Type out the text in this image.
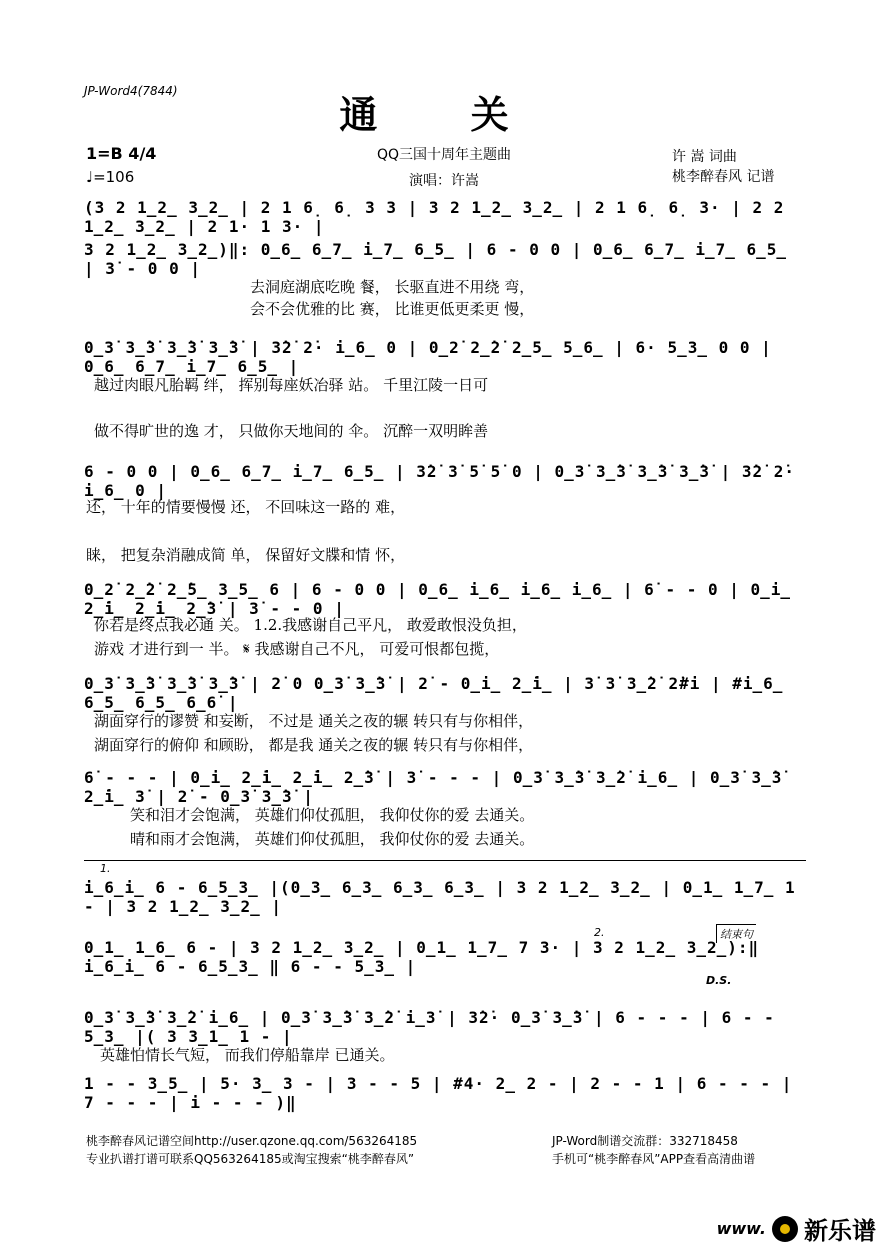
JP-Word4(7844)
通 关
QQ三国十周年主题曲
演唱：许嵩
1=B 4/4
♩=106
许 嵩 词曲
桃李醉春风 记谱
(3 2 1̲2̲ 3̲2̲ | 2 1 6̣ 6̣ 3 3 | 3 2 1̲2̲ 3̲2̲ | 2 1 6̣ 6̣ 3· | 2 2 1̲2̲ 3̲2̲ | 2 1· 1 3· |
3 2 1̲2̲ 3̲2̲)‖: 0̲6̲ 6̲7̲ i̲7̲ 6̲5̲ | 6 - 0 0 | 0̲6̲ 6̲7̲ i̲7̲ 6̲5̲ | 3̇ - 0 0 |
去洞庭湖底吃晚 餐， 长驱直进不用绕 弯，
会不会优雅的比 赛， 比谁更低更柔更 慢，
0̲3̇ 3̲̇3̇ 3̲̇3̇ 3̲̇3̇ | 3̇2̇ 2̇· i̲6̲ 0 | 0̲2̇ 2̲̇2̇ 2̲5̲ 5̲6̲ | 6· 5̲3̲ 0 0 | 0̲6̲ 6̲7̲ i̲7̲ 6̲5̲ |
越过肉眼凡胎羁 绊， 挥别每座妖冶驿 站。 千里江陵一日可
做不得旷世的逸 才， 只做你天地间的 伞。 沉醉一双明眸善
6 - 0 0 | 0̲6̲ 6̲7̲ i̲7̲ 6̲5̲ | 3̇2̇ 3̇ 5̇ 5̇ 0 | 0̲3̇ 3̲̇3̇ 3̲̇3̇ 3̲̇3̇ | 3̇2̇ 2̇· i̲6̲ 0 |
还， 十年的情要慢慢 还， 不回味这一路的 难，
睐， 把复杂消融成简 单， 保留好文牒和情 怀，
0̲2̇ 2̲̇2̇ 2̲̇5̲ 3̲5̲ 6 | 6 - 0 0 | 0̲6̲ i̲6̲ i̲6̲ i̲6̲ | 6̇ - - 0 | 0̲i̲ 2̲̇i̲ 2̲̇i̲ 2̲̇3̇ | 3̇ - - 0 |
你若是终点我必通 关。 1.2.我感谢自己平凡， 敢爱敢恨没负担，
游戏 才进行到一 半。 𝄋 我感谢自己不凡， 可爱可恨都包揽，
0̲3̇ 3̲̇3̇ 3̲̇3̇ 3̲̇3̇ | 2̇ 0 0̲3̇ 3̲̇3̇ | 2̇ - 0̲i̲ 2̲̇i̲ | 3̇ 3̇ 3̲̇2̇ 2̇#i | #i̲6̲ 6̲5̲ 6̲5̲ 6̲6̇ |
湖面穿行的谬赞 和妄断， 不过是 通关之夜的辗 转只有与你相伴，
湖面穿行的俯仰 和顾盼， 都是我 通关之夜的辗 转只有与你相伴，
6̇ - - - | 0̲i̲ 2̲̇i̲ 2̲̇i̲ 2̲̇3̇ | 3̇ - - - | 0̲3̇ 3̲̇3̇ 3̲̇2̇ i̲6̲ | 0̲3̇ 3̲̇3̇ 2̲̇i̲ 3̇ | 2̇ - 0̲3̇ 3̲̇3̇ |
笑和泪才会饱满， 英雄们仰仗孤胆， 我仰仗你的爱 去通关。
晴和雨才会饱满， 英雄们仰仗孤胆， 我仰仗你的爱 去通关。
1.
i̲6̲i̲ 6 - 6̲5̲3̲ |(0̲3̲ 6̲3̲ 6̲3̲ 6̲3̲ | 3 2 1̲2̲ 3̲2̲ | 0̲1̲ 1̲7̲ 1 - | 3 2 1̲2̲ 3̲2̲ |
2.	结束句
0̲1̲ 1̲6̲ 6 - | 3 2 1̲2̲ 3̲2̲ | 0̲1̲ 1̲7̲ 7 3· | 3 2 1̲2̲ 3̲2̲):‖ i̲6̲i̲ 6 - 6̲5̲3̲ ‖ 6 - - 5̲3̲ |
D.S.
0̲3̇ 3̲̇3̇ 3̲̇2̇ i̲6̲ | 0̲3̇ 3̲̇3̇ 3̲̇2̇ i̲3̇ | 3̇2̇· 0̲3̇ 3̲̇3̇ | 6 - - - | 6 - - 5̲3̲ |( 3 3̲1̲ 1 - |
英雄怕情长气短， 而我们停船靠岸 已通关。
1 - - 3̲5̲ | 5· 3̲ 3 - | 3 - - 5 | #4· 2̲ 2 - | 2 - - 1 | 6 - - - | 7 - - - | i - - - )‖
桃李醉春风记谱空间http://user.qzone.qq.com/563264185
专业扒谱打谱可联系QQ563264185或淘宝搜索“桃李醉春风”
JP-Word制谱交流群：332718458
手机可“桃李醉春风”APP查看高清曲谱
www. 新乐谱
